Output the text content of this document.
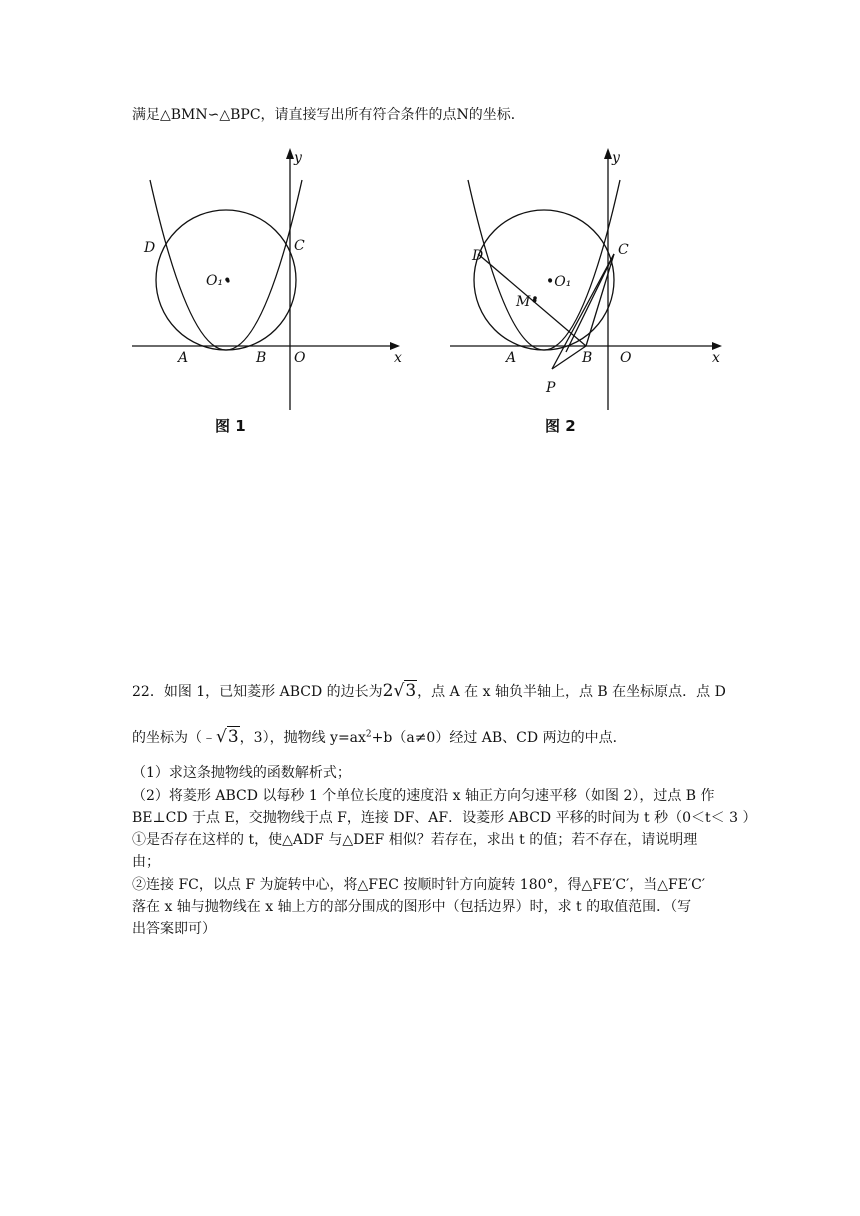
满足△BMN∽△BPC，请直接写出所有符合条件的点N的坐标．
y
x
D	C
O₁•
A	B O
图 1
y
x
D	C
•O₁
M•
A	B O
P
图 2
22．如图 1，已知菱形 ABCD 的边长为2√3，点 A 在 x 轴负半轴上，点 B 在坐标原点．点 D
的坐标为（﹣√3，3），抛物线 $y=ax^2+b(a\ne 0)$经过 AB、CD 两边的中点．
（1）求这条抛物线的函数解析式；
（2）将菱形 ABCD 以每秒 1 个单位长度的速度沿 x 轴正方向匀速平移（如图 2），过点 B 作
BE⊥CD 于点 E，交抛物线于点 F，连接 DF、AF．设菱形 ABCD 平移的时间为 t 秒（0＜t＜ 3 ）
①是否存在这样的 t，使△ADF 与△DEF 相似？若存在，求出 t 的值；若不存在，请说明理
由；
②连接 FC，以点 F 为旋转中心，将△FEC 按顺时针方向旋转 180°，得△FE′C′，当△FE′C′
落在 x 轴与抛物线在 x 轴上方的部分围成的图形中（包括边界）时，求 t 的取值范围．（写
出答案即可）
